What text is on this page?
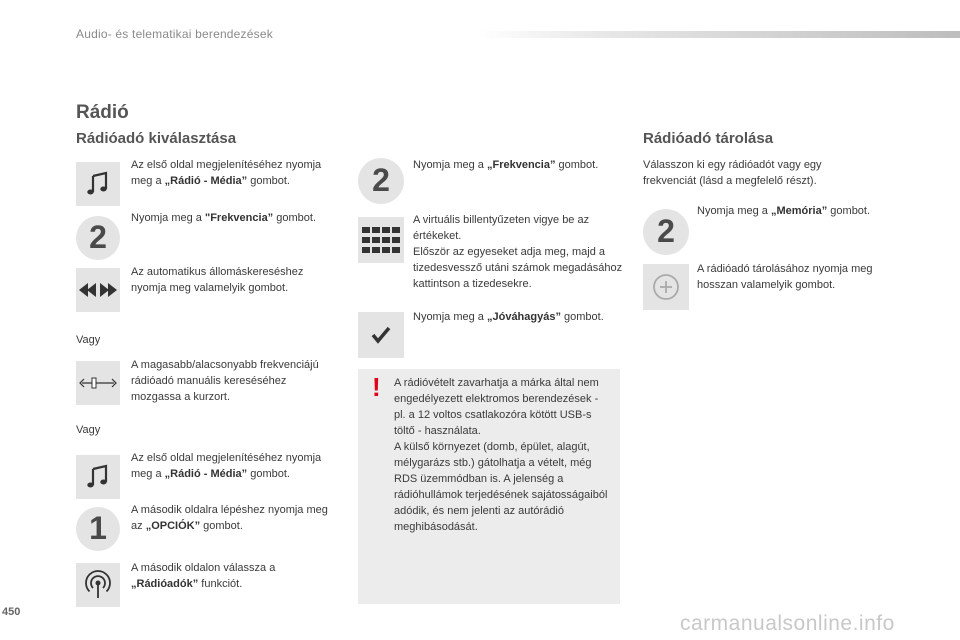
Audio- és telematikai berendezések
Rádió
Rádióadó kiválasztása
Az első oldal megjelenítéséhez nyomja meg a „Rádió - Média” gombot.
2
Nyomja meg a "Frekvencia” gombot.
Az automatikus állomáskereséshez nyomja meg valamelyik gombot.
Vagy
A magasabb/alacsonyabb frekvenciájú rádióadó manuális kereséséhez mozgassa a kurzort.
Vagy
Az első oldal megjelenítéséhez nyomja meg a „Rádió - Média” gombot.
1	A második oldalra lépéshez nyomja meg az „OPCIÓK” gombot.
A második oldalon válassza a „Rádióadók” funkciót.
2	Nyomja meg a „Frekvencia” gombot.
A virtuális billentyűzeten vigye be az értékeket.
Először az egyeseket adja meg, majd a tizedesvessző utáni számok megadásához kattintson a tizedesekre.
Nyomja meg a „Jóváhagyás” gombot.
! A rádióvételt zavarhatja a márka által nem engedélyezett elektromos berendezések - pl. a 12 voltos csatlakozóra kötött USB-s töltő - használata.
A külső környezet (domb, épület, alagút, mélygarázs stb.) gátolhatja a vételt, még RDS üzemmódban is. A jelenség a rádióhullámok terjedésének sajátosságaiból adódik, és nem jelenti az autórádió meghibásodását.
Rádióadó tárolása
Válasszon ki egy rádióadót vagy egy frekvenciát (lásd a megfelelő részt).
2
Nyomja meg a „Memória” gombot.
A rádióadó tárolásához nyomja meg hosszan valamelyik gombot.
450	carmanualsonline.info
